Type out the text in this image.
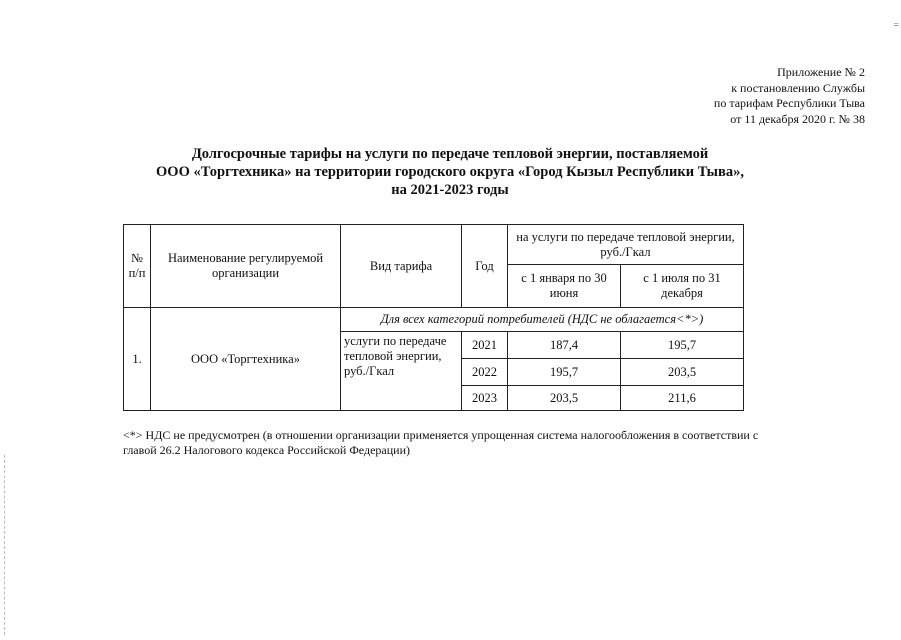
=
Приложение № 2
к постановлению Службы
по тарифам Республики Тыва
от 11 декабря 2020 г. № 38
Долгосрочные тарифы на услуги по передаче тепловой энергии, поставляемой
ООО «Торгтехника» на территории городского округа «Город Кызыл Республики Тыва»,
на 2021-2023 годы
№ п/п	Наименование регулируемой организации	Вид тарифа	Год	на услуги по передаче тепловой энергии, руб./Гкал	
				с 1 января по 30 июня	с 1 июля по 31 декабря
1.	ООО «Торгтехника»	Для всех категорий потребителей (НДС не облагается<*>)			
		услуги по передаче тепловой энергии, руб./Гкал	2021	187,4	195,7
			2022	195,7	203,5
			2023	203,5	211,6
<*> НДС не предусмотрен (в отношении организации применяется упрощенная система налогообложения в соответствии с главой 26.2 Налогового кодекса Российской Федерации)
